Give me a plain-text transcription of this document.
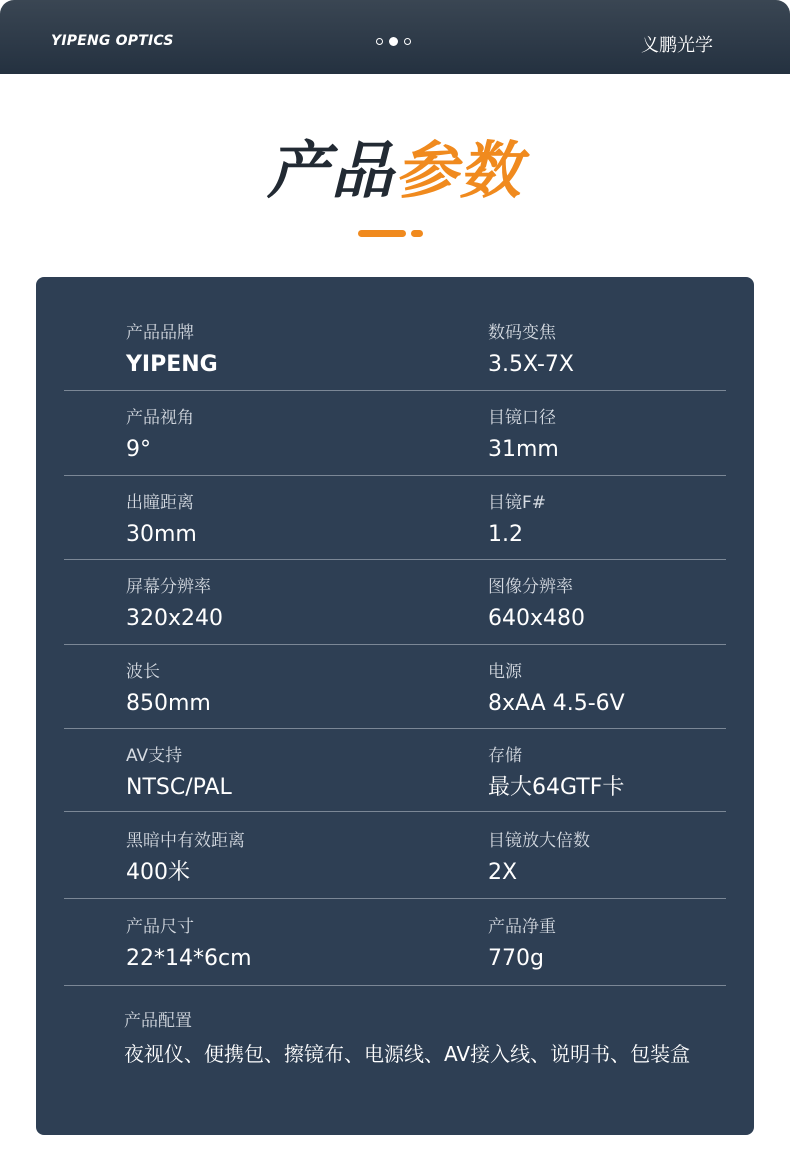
YIPENG OPTICS	义鹏光学
产品参数
产品品牌
YIPENG
数码变焦
3.5X-7X
产品视角
9°
目镜口径
31mm
出瞳距离
30mm
目镜F#
1.2
屏幕分辨率
320x240
图像分辨率
640x480
波长
850mm
电源
8xAA 4.5-6V
AV支持
NTSC/PAL
存储
最大64GTF卡
黑暗中有效距离
400米
目镜放大倍数
2X
产品尺寸
22*14*6cm
产品净重
770g
产品配置
夜视仪、便携包、擦镜布、电源线、AV接入线、说明书、包装盒
